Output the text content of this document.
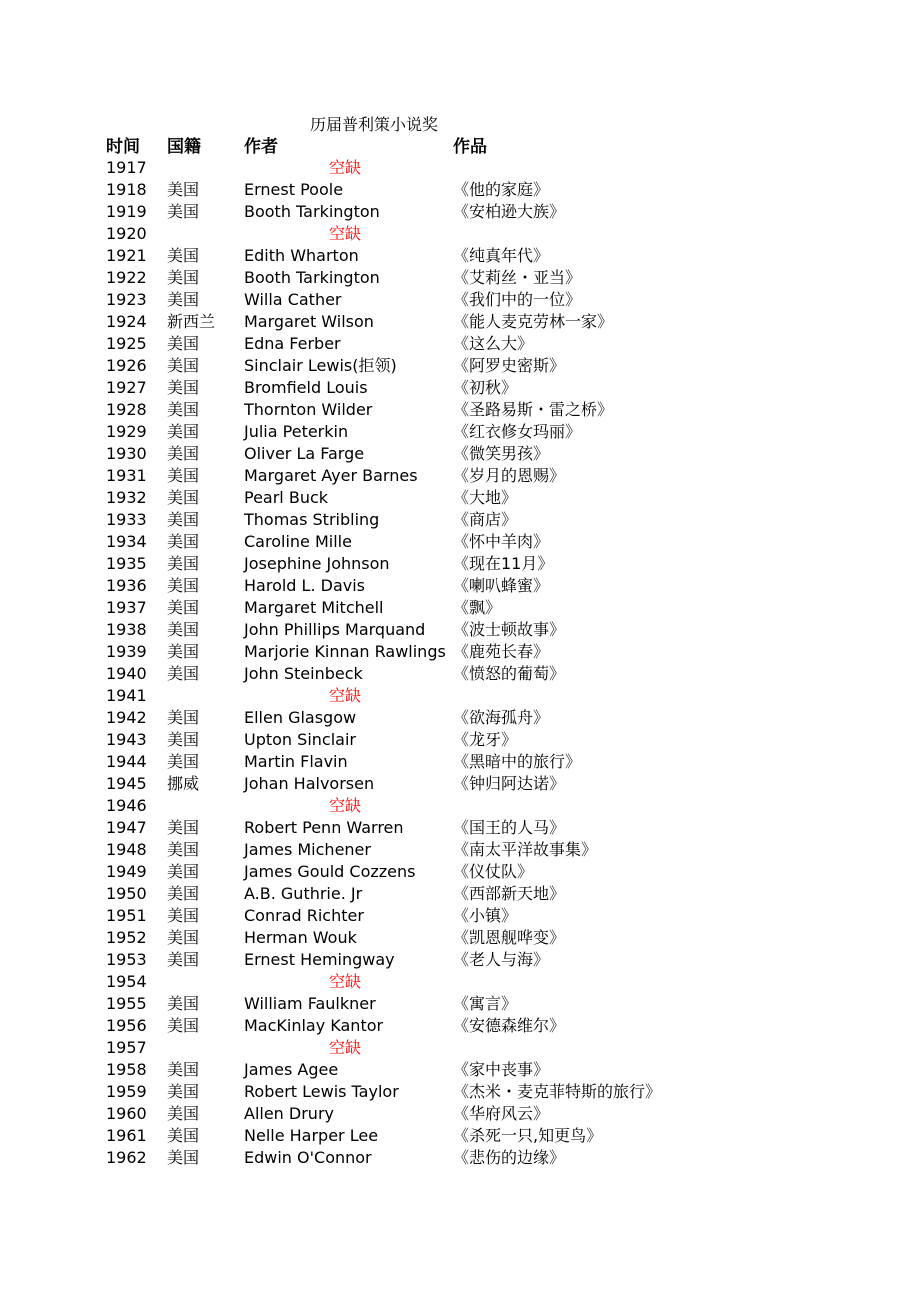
历届普利策小说奖
时间 国籍	作者	作品
1917	空缺
1918 美国	Ernest Poole	《他的家庭》
1919 美国	Booth Tarkington	《安柏逊大族》
1920	空缺
1921 美国	Edith Wharton	《纯真年代》
1922 美国	Booth Tarkington	《艾莉丝・亚当》
1923 美国	Willa Cather	《我们中的一位》
1924 新西兰 Margaret Wilson	《能人麦克劳林一家》
1925 美国	Edna Ferber	《这么大》
1926 美国	Sinclair Lewis(拒领)	《阿罗史密斯》
1927 美国	Bromfield Louis	《初秋》
1928 美国	Thornton Wilder	《圣路易斯・雷之桥》
1929 美国	Julia Peterkin	《红衣修女玛丽》
1930 美国	Oliver La Farge	《微笑男孩》
1931 美国	Margaret Ayer Barnes 《岁月的恩赐》
1932 美国	Pearl Buck	《大地》
1933 美国	Thomas Stribling	《商店》
1934 美国	Caroline Mille	《怀中羊肉》
1935 美国	Josephine Johnson	《现在11月》
1936 美国	Harold L. Davis	《喇叭蜂蜜》
1937 美国	Margaret Mitchell	《飘》
1938 美国	John Phillips Marquand 《波士顿故事》
1939 美国	Marjorie Kinnan Rawlings 《鹿苑长春》
1940 美国	John Steinbeck	《愤怒的葡萄》
1941	空缺
1942 美国	Ellen Glasgow	《欲海孤舟》
1943 美国	Upton Sinclair	《龙牙》
1944 美国	Martin Flavin	《黑暗中的旅行》
1945 挪威	Johan Halvorsen	《钟归阿达诺》
1946	空缺
1947 美国	Robert Penn Warren	《国王的人马》
1948 美国	James Michener	《南太平洋故事集》
1949 美国	James Gould Cozzens 《仪仗队》
1950 美国	A.B. Guthrie. Jr	《西部新天地》
1951 美国	Conrad Richter	《小镇》
1952 美国	Herman Wouk	《凯恩舰哗变》
1953 美国	Ernest Hemingway	《老人与海》
1954	空缺
1955 美国	William Faulkner	《寓言》
1956 美国	MacKinlay Kantor	《安德森维尔》
1957	空缺
1958 美国	James Agee	《家中丧事》
1959 美国	Robert Lewis Taylor	《杰米・麦克菲特斯的旅行》
1960 美国	Allen Drury	《华府风云》
1961 美国	Nelle Harper Lee	《杀死一只,知更鸟》
1962 美国	Edwin O'Connor	《悲伤的边缘》
